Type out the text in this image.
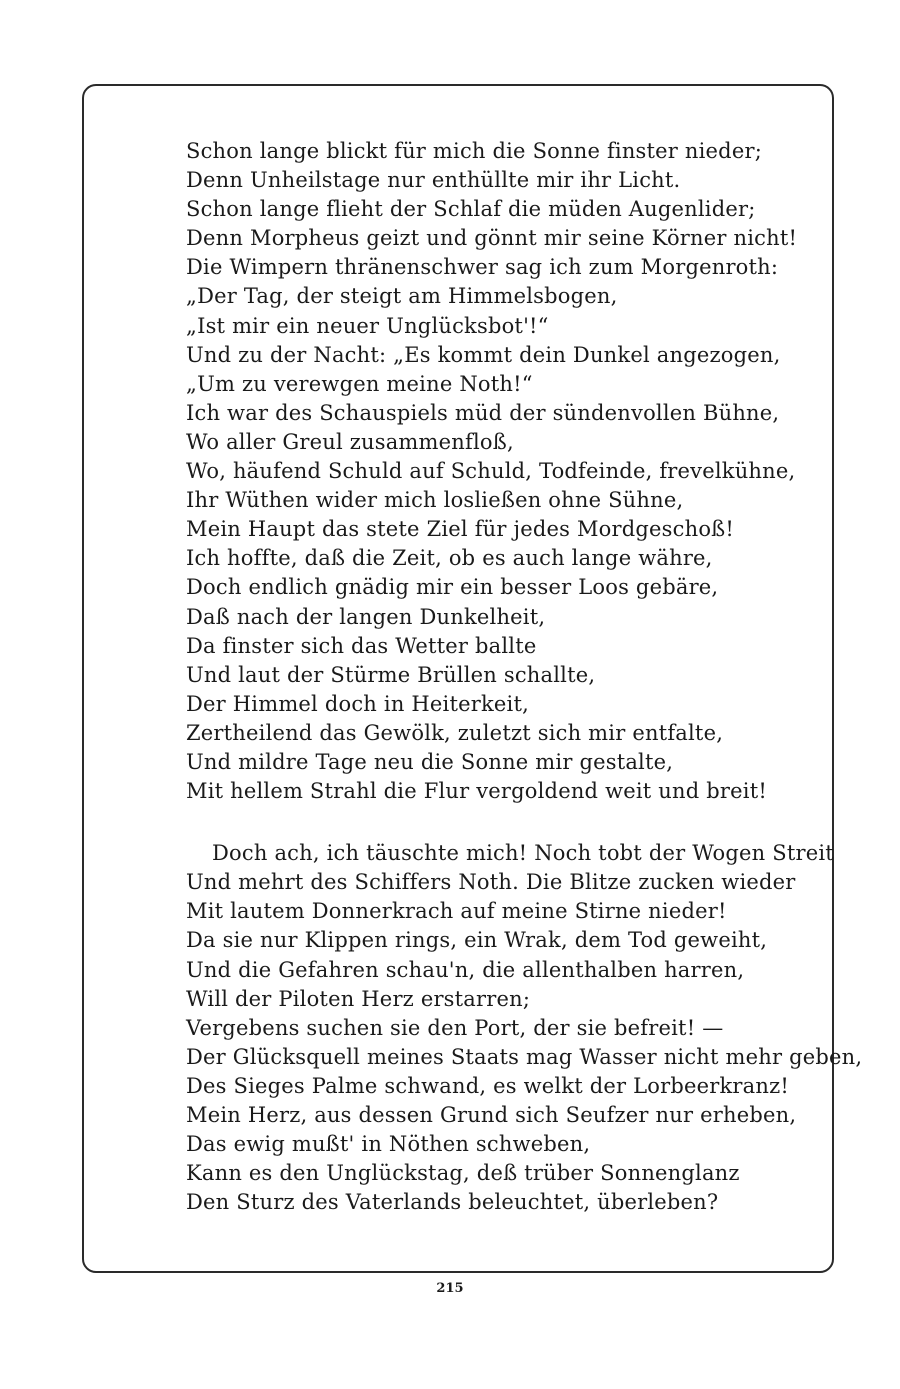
Schon lange blickt für mich die Sonne finster nieder;
Denn Unheilstage nur enthüllte mir ihr Licht.
Schon lange flieht der Schlaf die müden Augenlider;
Denn Morpheus geizt und gönnt mir seine Körner nicht!
Die Wimpern thränenschwer sag ich zum Morgenroth:
„Der Tag, der steigt am Himmelsbogen,
„Ist mir ein neuer Unglücksbot'!“
Und zu der Nacht: „Es kommt dein Dunkel angezogen,
„Um zu verewgen meine Noth!“
Ich war des Schauspiels müd der sündenvollen Bühne,
Wo aller Greul zusammenfloß,
Wo, häufend Schuld auf Schuld, Todfeinde, frevelkühne,
Ihr Wüthen wider mich losließen ohne Sühne,
Mein Haupt das stete Ziel für jedes Mordgeschoß!
Ich hoffte, daß die Zeit, ob es auch lange währe,
Doch endlich gnädig mir ein besser Loos gebäre,
Daß nach der langen Dunkelheit,
Da finster sich das Wetter ballte
Und laut der Stürme Brüllen schallte,
Der Himmel doch in Heiterkeit,
Zertheilend das Gewölk, zuletzt sich mir entfalte,
Und mildre Tage neu die Sonne mir gestalte,
Mit hellem Strahl die Flur vergoldend weit und breit!
Doch ach, ich täuschte mich! Noch tobt der Wogen Streit
Und mehrt des Schiffers Noth. Die Blitze zucken wieder
Mit lautem Donnerkrach auf meine Stirne nieder!
Da sie nur Klippen rings, ein Wrak, dem Tod geweiht,
Und die Gefahren schau'n, die allenthalben harren,
Will der Piloten Herz erstarren;
Vergebens suchen sie den Port, der sie befreit! —
Der Glücksquell meines Staats mag Wasser nicht mehr geben,
Des Sieges Palme schwand, es welkt der Lorbeerkranz!
Mein Herz, aus dessen Grund sich Seufzer nur erheben,
Das ewig mußt' in Nöthen schweben,
Kann es den Unglückstag, deß trüber Sonnenglanz
Den Sturz des Vaterlands beleuchtet, überleben?
215
